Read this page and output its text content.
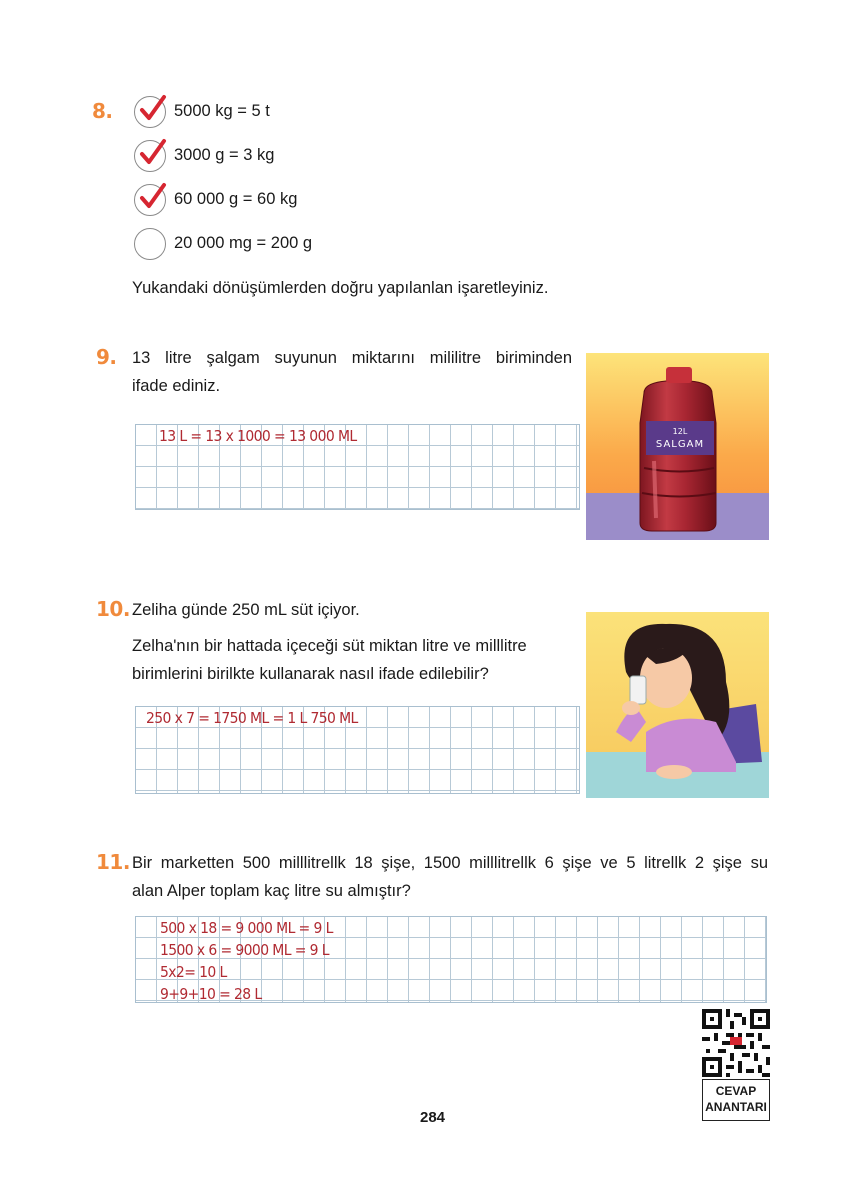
8.	5000 kg = 5 t
3000 g = 3 kg
60 000 g = 60 kg
20 000 mg = 200 g
Yukandaki dönüşümlerden doğru yapılanlan işaretleyiniz.
9. 13 litre şalgam suyunun miktarını mililitre biriminden
ifade ediniz.
13 L = 13 x 1000 = 13 000 ML	12L
SALGAM
10. Zeliha günde 250 mL süt içiyor.
Zelha'nın bir hattada içeceği süt miktan litre ve milllitre
birimlerini birilkte kullanarak nasıl ifade edilebilir?
250 x 7 = 1750 ML = 1 L 750 ML
11. Bir marketten 500 milllitrellk 18 şişe, 1500 milllitrellk 6 şişe ve 5 litrellk 2 şişe su
alan Alper toplam kaç litre su almıştır?
500 x 18 = 9 000 ML = 9 L
1500 x 6 = 9000 ML = 9 L
5x2= 10 L
9+9+10 = 28 L
284
CEVAP
ANANTARI
